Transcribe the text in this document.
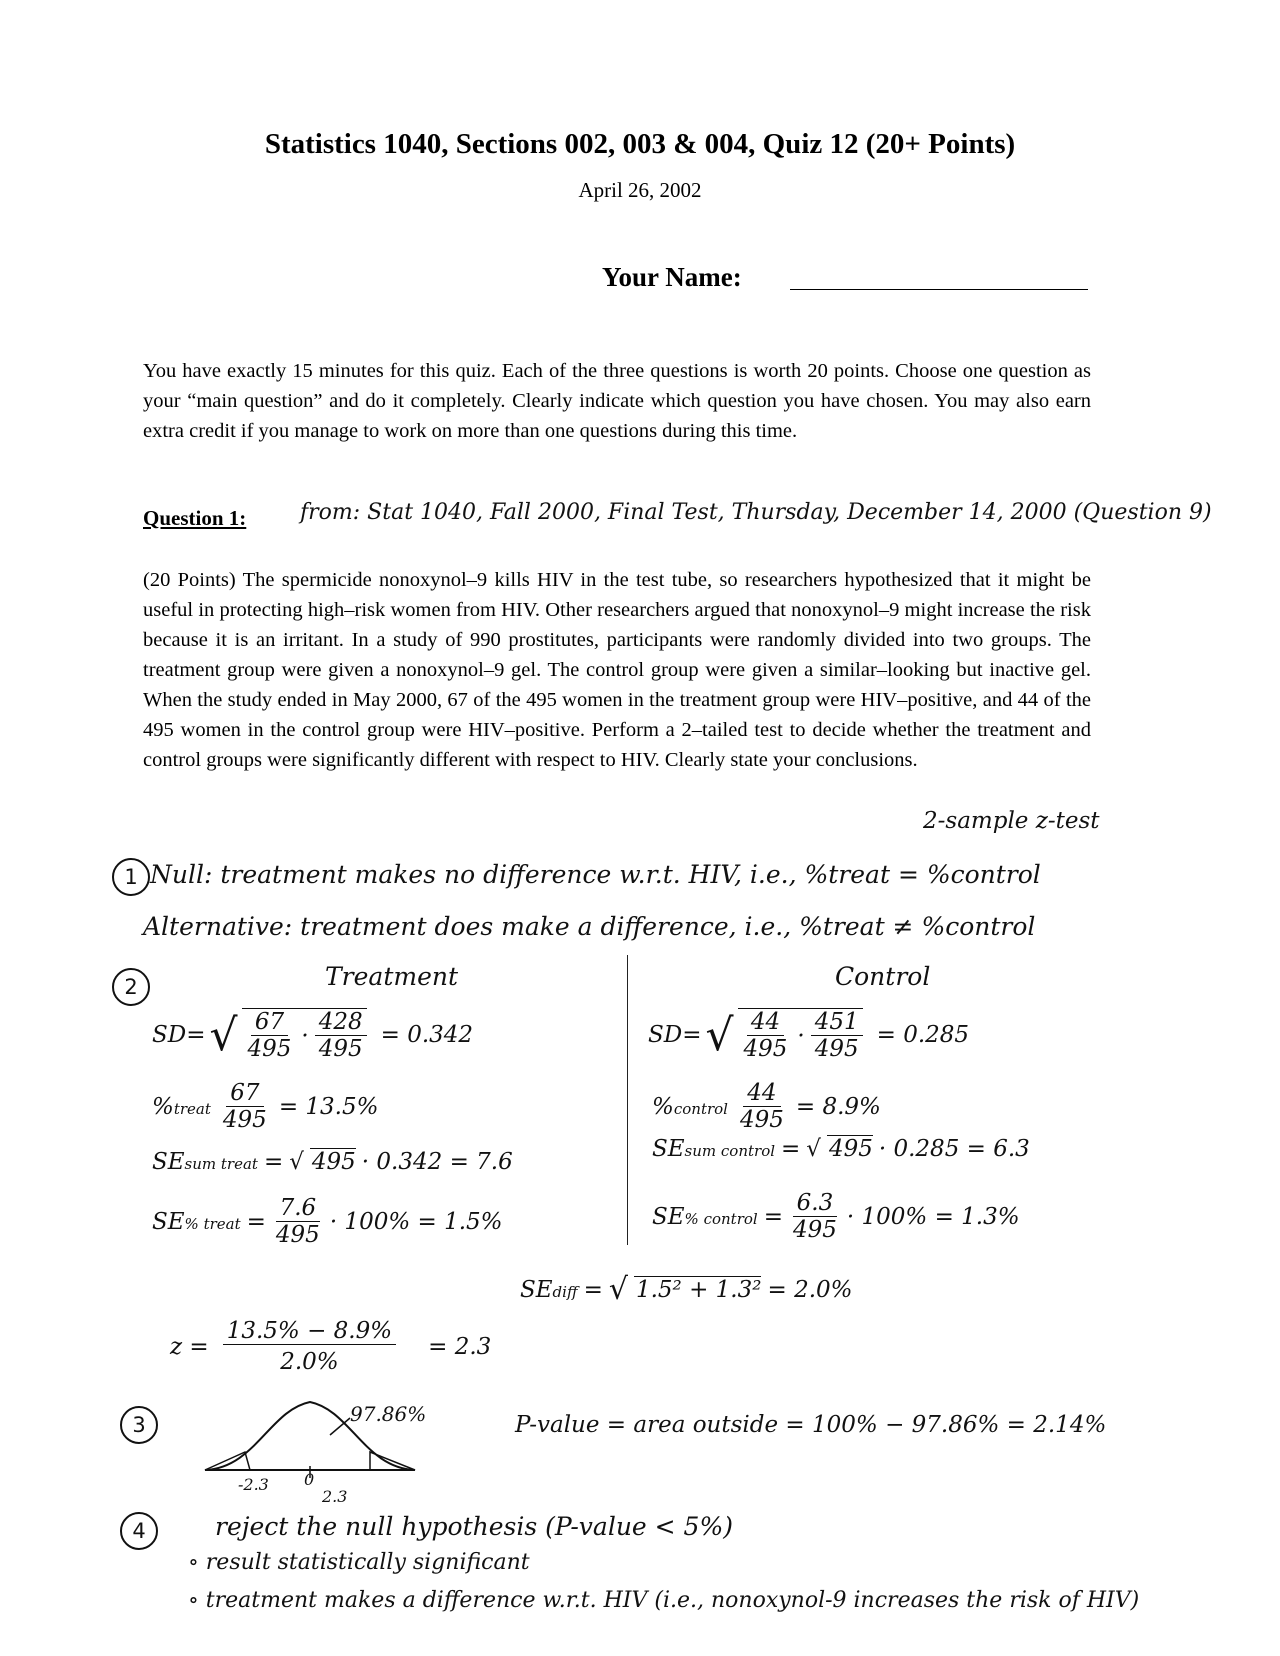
Statistics 1040, Sections 002, 003 & 004, Quiz 12 (20+ Points)
April 26, 2002
Your Name:
You have exactly 15 minutes for this quiz. Each of the three questions is worth 20 points. Choose one question as your “main question” and do it completely. Clearly indicate which question you have chosen. You may also earn extra credit if you manage to work on more than one questions during this time.
Question 1: from: Stat 1040, Fall 2000, Final Test, Thursday, December 14, 2000 (Question 9)
(20 Points) The spermicide nonoxynol–9 kills HIV in the test tube, so researchers hypothesized that it might be useful in protecting high–risk women from HIV. Other researchers argued that nonoxynol–9 might increase the risk because it is an irritant. In a study of 990 prostitutes, participants were randomly divided into two groups. The treatment group were given a nonoxynol–9 gel. The control group were given a similar–looking but inactive gel. When the study ended in May 2000, 67 of the 495 women in the treatment group were HIV–positive, and 44 of the 495 women in the control group were HIV–positive. Perform a 2–tailed test to decide whether the treatment and control groups were significantly different with respect to HIV. Clearly state your conclusions.
2-sample z-test
1 Null: treatment makes no difference w.r.t. HIV, i.e., %treat = %control
Alternative: treatment does make a difference, i.e., %treat ≠ %control
2	Treatment	Control
SD= √ $\frac{67}{495} \cdot \frac{428}{495} = 0.342$
%treat $\frac{67}{495} = 13.5\%$
SEsum treat = √ 495 · 0.342 = 7.6
SE% treat = $\frac{7.6}{495} \cdot 100\% = 1.5\%$
SD= √ $\frac{44}{495} \cdot \frac{451}{495} = 0.285$
%control $\frac{44}{495} = 8.9\%$
SEsum control = √ 495 · 0.285 = 6.3
SE% control = $\frac{6.3}{495} \cdot 100\% = 1.3\%$
SEdiff = √ 1.5² + 1.3² = 2.0%
$z = \frac{13.5\% - 8.9\%}{2.0\%} = 2.3$
3	97.86%
-2.3 0
2.3
P-value = area outside = 100% − 97.86% = 2.14%
4	reject the null hypothesis (P-value < 5%)
∘ result statistically significant
∘ treatment makes a difference w.r.t. HIV (i.e., nonoxynol-9 increases the risk of HIV)
